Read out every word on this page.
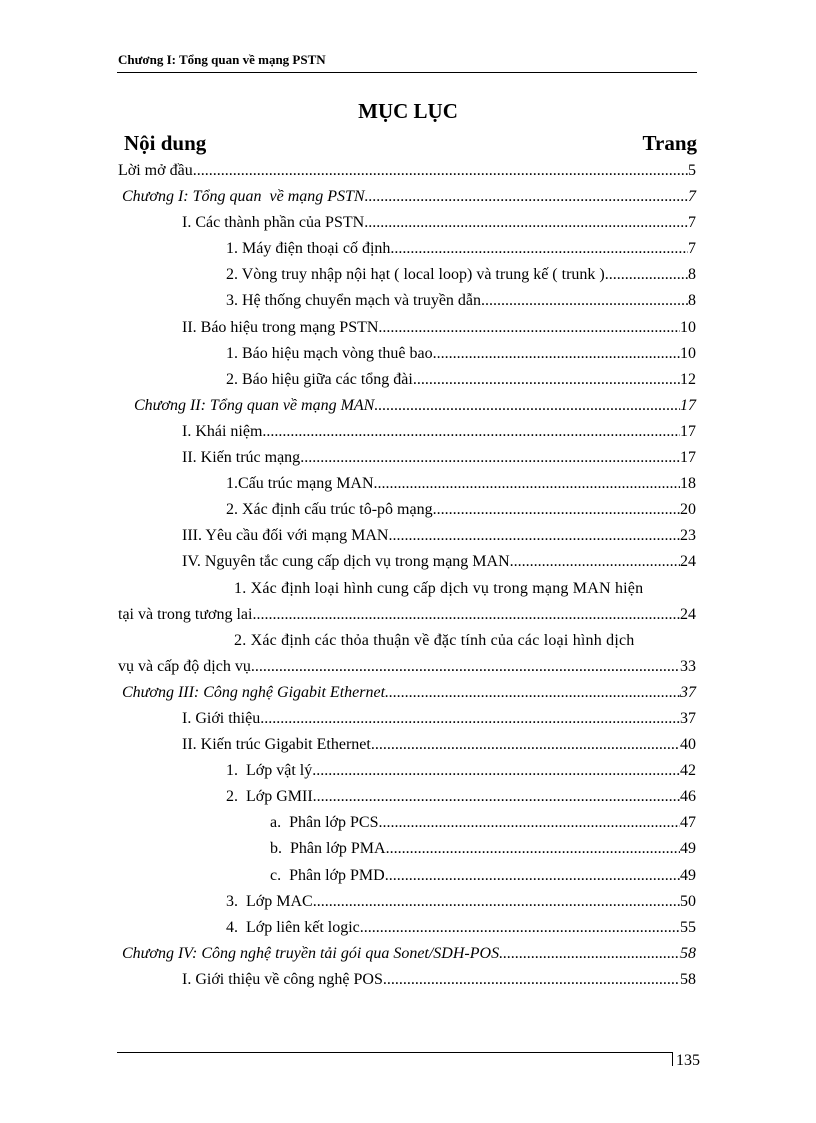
Chương I: Tổng quan về mạng PSTN
MỤC LỤC
Nội dung	Trang
Lời mở đầu .....	5
Chương I: Tổng quan  về mạng PSTN .....	7
I. Các thành phần của PSTN .....	7
1. Máy điện thoại cố định .....	7
2. Vòng truy nhập nội hạt ( local loop) và trung kế ( trunk ) .....	8
3. Hệ thống chuyển mạch và truyền dẫn .....	8
II. Báo hiệu trong mạng PSTN .....	10
1. Báo hiệu mạch vòng thuê bao .....	10
2. Báo hiệu giữa các tổng đài .....	12
Chương II: Tổng quan về mạng MAN .....	17
I. Khái niệm .....	17
II. Kiến trúc mạng .....	17
1.Cấu trúc mạng MAN .....	18
2. Xác định cấu trúc tô-pô mạng .....	20
III. Yêu cầu đối với mạng MAN .....	23
IV. Nguyên tắc cung cấp dịch vụ trong mạng MAN .....	24
1. Xác định loại hình cung cấp dịch vụ trong mạng MAN hiện
tại và trong tương lai .....	24
2. Xác định các thỏa thuận về đặc tính của các loại hình dịch
vụ và cấp độ dịch vụ .....	33
Chương III: Công nghệ Gigabit Ethernet .....	37
I. Giới thiệu .....	37
II. Kiến trúc Gigabit Ethernet .....	40
1.  Lớp vật lý .....	42
2.  Lớp GMII .....	46
a.  Phân lớp PCS .....	47
b.  Phân lớp PMA .....	49
c.  Phân lớp PMD .....	49
3.  Lớp MAC .....	50
4.  Lớp liên kết logic .....	55
Chương IV: Công nghệ truyền tải gói qua Sonet/SDH-POS .....	58
I. Giới thiệu về công nghệ POS .....	58
135
